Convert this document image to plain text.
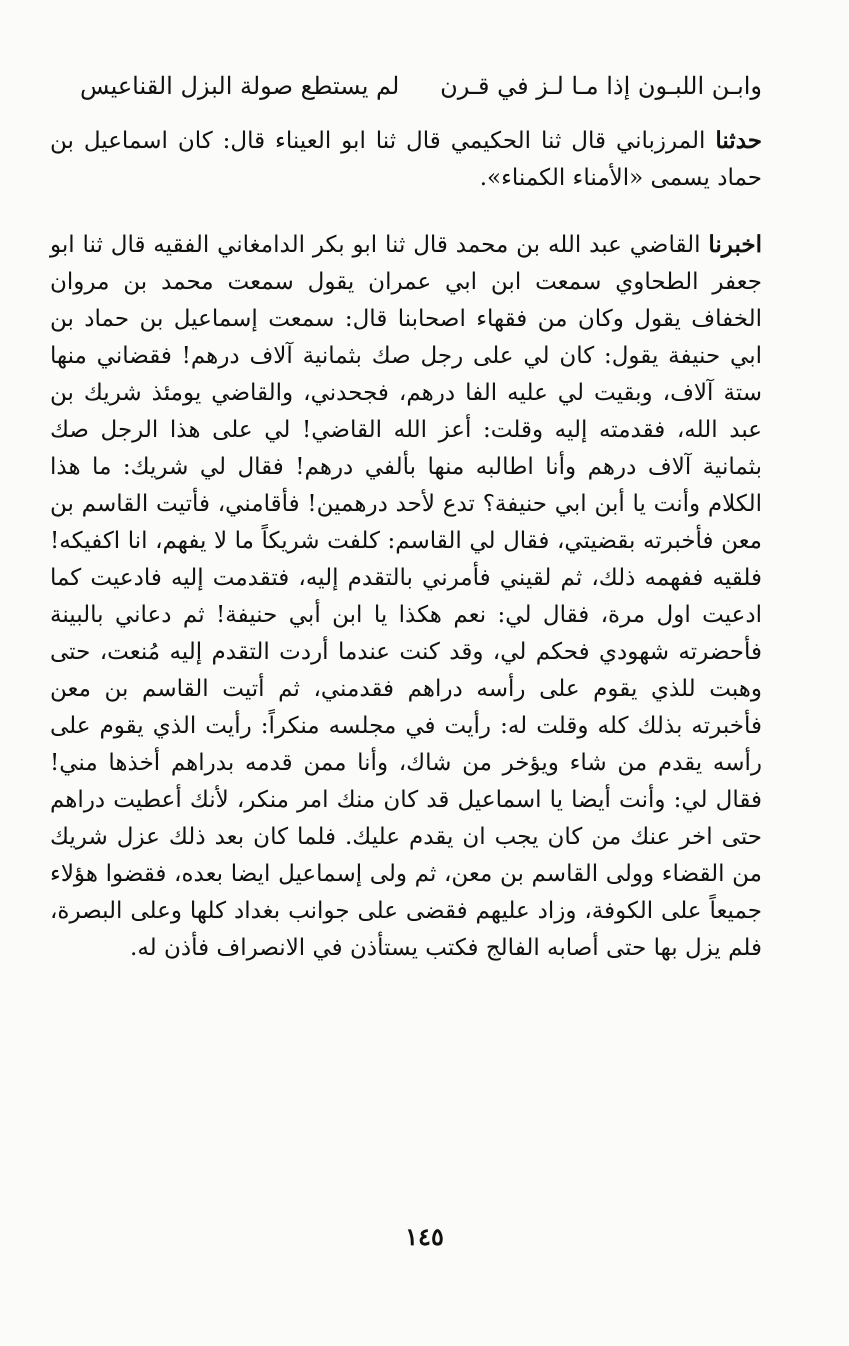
وابـن اللبـون إذا مـا لـز في قـرن
لم يستطع صولة البزل القناعيس

حدثنا المرزباني قال ثنا الحكيمي قال ثنا ابو العيناء قال: كان اسماعيل بن حماد يسمى «الأمناء الكمناء».

اخبرنا القاضي عبد الله بن محمد قال ثنا ابو بكر الدامغاني الفقيه قال ثنا ابو جعفر الطحاوي سمعت ابن ابي عمران يقول سمعت محمد بن مروان الخفاف يقول وكان من فقهاء اصحابنا قال: سمعت إسماعيل بن حماد بن ابي حنيفة يقول: كان لي على رجل صك بثمانية آلاف درهم! فقضاني منها ستة آلاف، وبقيت لي عليه الفا درهم، فجحدني، والقاضي يومئذ شريك بن عبد الله، فقدمته إليه وقلت: أعز الله القاضي! لي على هذا الرجل صك بثمانية آلاف درهم وأنا اطالبه منها بألفي درهم! فقال لي شريك: ما هذا الكلام وأنت يا أبن ابي حنيفة؟ تدع لأحد درهمين! فأقامني، فأتيت القاسم بن معن فأخبرته بقضيتي، فقال لي القاسم: كلفت شريكاً ما لا يفهم، انا اكفيكه! فلقيه ففهمه ذلك، ثم لقيني فأمرني بالتقدم إليه، فتقدمت إليه فادعيت كما ادعيت اول مرة، فقال لي: نعم هكذا يا ابن أبي حنيفة! ثم دعاني بالبينة فأحضرته شهودي فحكم لي، وقد كنت عندما أردت التقدم إليه مُنعت، حتى وهبت للذي يقوم على رأسه دراهم فقدمني، ثم أتيت القاسم بن معن فأخبرته بذلك كله وقلت له: رأيت في مجلسه منكراً: رأيت الذي يقوم على رأسه يقدم من شاء ويؤخر من شاك، وأنا ممن قدمه بدراهم أخذها مني! فقال لي: وأنت أيضا يا اسماعيل قد كان منك امر منكر، لأنك أعطيت دراهم حتى اخر عنك من كان يجب ان يقدم عليك. فلما كان بعد ذلك عزل شريك من القضاء وولى القاسم بن معن، ثم ولى إسماعيل ايضا بعده، فقضوا هؤلاء جميعاً على الكوفة، وزاد عليهم فقضى على جوانب بغداد كلها وعلى البصرة، فلم يزل بها حتى أصابه الفالج فكتب يستأذن في الانصراف فأذن له.

١٤٥
